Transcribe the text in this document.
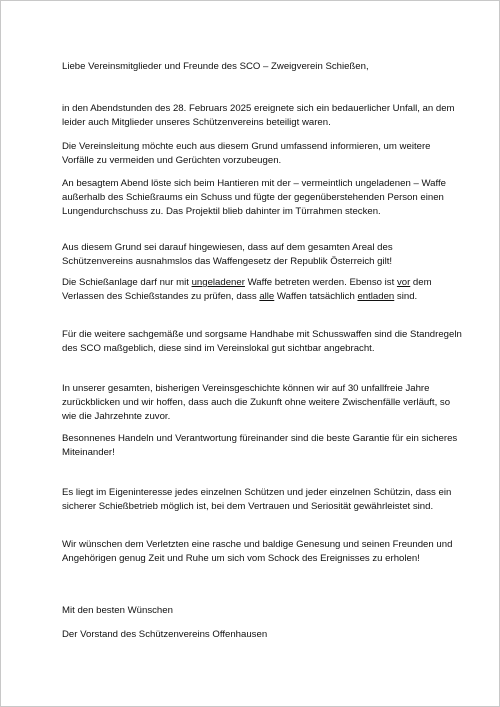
Liebe Vereinsmitglieder und Freunde des SCO – Zweigverein Schießen,

in den Abendstunden des 28. Februars 2025 ereignete sich ein bedauerlicher Unfall, an dem leider auch Mitglieder unseres Schützenvereins beteiligt waren.

Die Vereinsleitung möchte euch aus diesem Grund umfassend informieren, um weitere Vorfälle zu vermeiden und Gerüchten vorzubeugen.

An besagtem Abend löste sich beim Hantieren mit der – vermeintlich ungeladenen – Waffe außerhalb des Schießraums ein Schuss und fügte der gegenüberstehenden Person einen Lungendurchschuss zu. Das Projektil blieb dahinter im Türrahmen stecken.

Aus diesem Grund sei darauf hingewiesen, dass auf dem gesamten Areal des Schützenvereins ausnahmslos das Waffengesetz der Republik Österreich gilt!

Die Schießanlage darf nur mit ungeladener Waffe betreten werden. Ebenso ist vor dem Verlassen des Schießstandes zu prüfen, dass alle Waffen tatsächlich entladen sind.

Für die weitere sachgemäße und sorgsame Handhabe mit Schusswaffen sind die Standregeln des SCO maßgeblich, diese sind im Vereinslokal gut sichtbar angebracht.

In unserer gesamten, bisherigen Vereinsgeschichte können wir auf 30 unfallfreie Jahre zurückblicken und wir hoffen, dass auch die Zukunft ohne weitere Zwischenfälle verläuft, so wie die Jahrzehnte zuvor.

Besonnenes Handeln und Verantwortung füreinander sind die beste Garantie für ein sicheres Miteinander!

Es liegt im Eigeninteresse jedes einzelnen Schützen und jeder einzelnen Schützin, dass ein sicherer Schießbetrieb möglich ist, bei dem Vertrauen und Seriosität gewährleistet sind.

Wir wünschen dem Verletzten eine rasche und baldige Genesung und seinen Freunden und Angehörigen genug Zeit und Ruhe um sich vom Schock des Ereignisses zu erholen!

Mit den besten Wünschen

Der Vorstand des Schützenvereins Offenhausen
